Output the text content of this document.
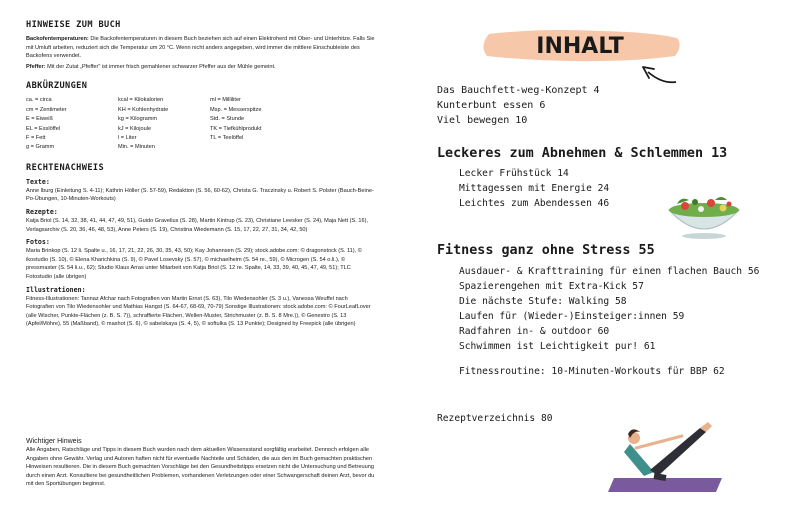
HINWEISE ZUM BUCH
Backofentemperaturen: Die Backofentemperaturen in diesem Buch beziehen sich auf einen Elektroherd mit Ober- und Unterhitze. Falls Sie mit Umluft arbeiten, reduziert sich die Temperatur um 20 °C. Wenn nicht anders angegeben, wird immer die mittlere Einschubleiste des Backofens verwendet.
Pfeffer: Mit der Zutat „Pfeffer" ist immer frisch gemahlener schwarzer Pfeffer aus der Mühle gemeint.
ABKÜRZUNGEN
ca. = circa	kcal = Kilokalorien	ml = Milliliter
cm = Zentimeter	KH = Kohlenhydrate	Msp. = Messerspitze
E = Eiweiß	kg = Kilogramm	Std. = Stunde
EL = Esslöffel	kJ = Kilojoule	TK = Tiefkühlprodukt
F = Fett	l = Liter	TL = Teelöffel
g = Gramm	Min. = Minuten
RECHTENACHWEIS
Texte:
Anne Iburg (Einleitung S. 4-11); Kathrin Höller (S. 57-59), Redaktion (S. 56, 60-62), Christa G. Traczinsky u. Robert S. Polster (Bauch-Beine-Po-Übungen, 10-Minuten-Workouts)
Rezepte:
Katja Briol (S. 14, 32, 38, 41, 44, 47, 49, 51), Guido Gravelius (S. 28), Martin Kintrup (S. 23), Christiane Leesker (S. 24), Maja Nett (S. 16), Verlagsarchiv (S. 20, 36, 46, 48, 53), Anne Peters (S. 19), Christina Wiedemann (S. 15, 17, 22, 27, 31, 34, 42, 50)
Fotos:
Maria Brinkop (S. 12 li. Spalte u., 16, 17, 21, 22, 26, 30, 35, 43, 50); Kay Johannsen (S. 29); stock.adobe.com: © dragonstock (S. 11), © ikostudio (S. 10), © Elena Kharichkina (S. 9), © Pavel Losevsky (S. 57), © michaelheim (S. 54 re., 59), © Microgen (S. 54 o.li.), © pressmaster (S. 54 li.u., 62); Studio Klaus Arras unter Mitarbeit von Katja Briol (S. 12 re. Spalte, 14, 33, 39, 40, 45, 47, 49, 51); TLC Fotostudio (alle übrigen)
Illustrationen:
Fitness-Illustrationen: Tannaz Afchar nach Fotografien von Martin Ernst (S. 63), Tilo Wiedensohler (S. 3 u.), Vanessa Weuffel nach Fotografien von Tilo Wiedensohler und Mathias Hangst (S. 64-67, 68-69, 70-79) Sonstige Illustrationen: stock.adobe.com: © FourLeafLover (alle Wischer, Punkte-Flächen (z. B. S. 7)), schraffierte Flächen, Wellen-Muster, Strichmuster (z. B. S. 8 Mre.)), © Genestro (S. 13 (Apfel/Möhre), 55 (Maßband), © mashot (S. 6), © sabelskaya (S. 4, 5), © softulka (S. 13 Punkte); Designed by Freepick (alle übrigen)
Wichtiger Hinweis
Alle Angaben, Ratschläge und Tipps in diesem Buch wurden nach dem aktuellen Wissensstand sorgfältig erarbeitet. Dennoch erfolgen alle Angaben ohne Gewähr. Verlag und Autoren haften nicht für eventuelle Nachteile und Schäden, die aus den im Buch gemachten praktischen Hinweisen resultieren. Die in diesem Buch gemachten Vorschläge bei den Gesundheitstipps ersetzen nicht die Untersuchung und Betreuung durch einen Arzt. Konsultiere bei gesundheitlichen Problemen, vorhandenen Verletzungen oder einer Schwangerschaft deinen Arzt, bevor du mit den Sportübungen beginnst.
INHALT
Das Bauchfett-weg-Konzept 4
Kunterbunt essen 6
Viel bewegen 10
Leckeres zum Abnehmen & Schlemmen 13
Lecker Frühstück 14
Mittagessen mit Energie 24
Leichtes zum Abendessen 46
Fitness ganz ohne Stress 55
Ausdauer- & Krafttraining für einen flachen Bauch 56
Spazierengehen mit Extra-Kick 57
Die nächste Stufe: Walking 58
Laufen für (Wieder-)Einsteiger:innen 59
Radfahren in- & outdoor 60
Schwimmen ist Leichtigkeit pur! 61
Fitnessroutine: 10-Minuten-Workouts für BBP 62
Rezeptverzeichnis 80
